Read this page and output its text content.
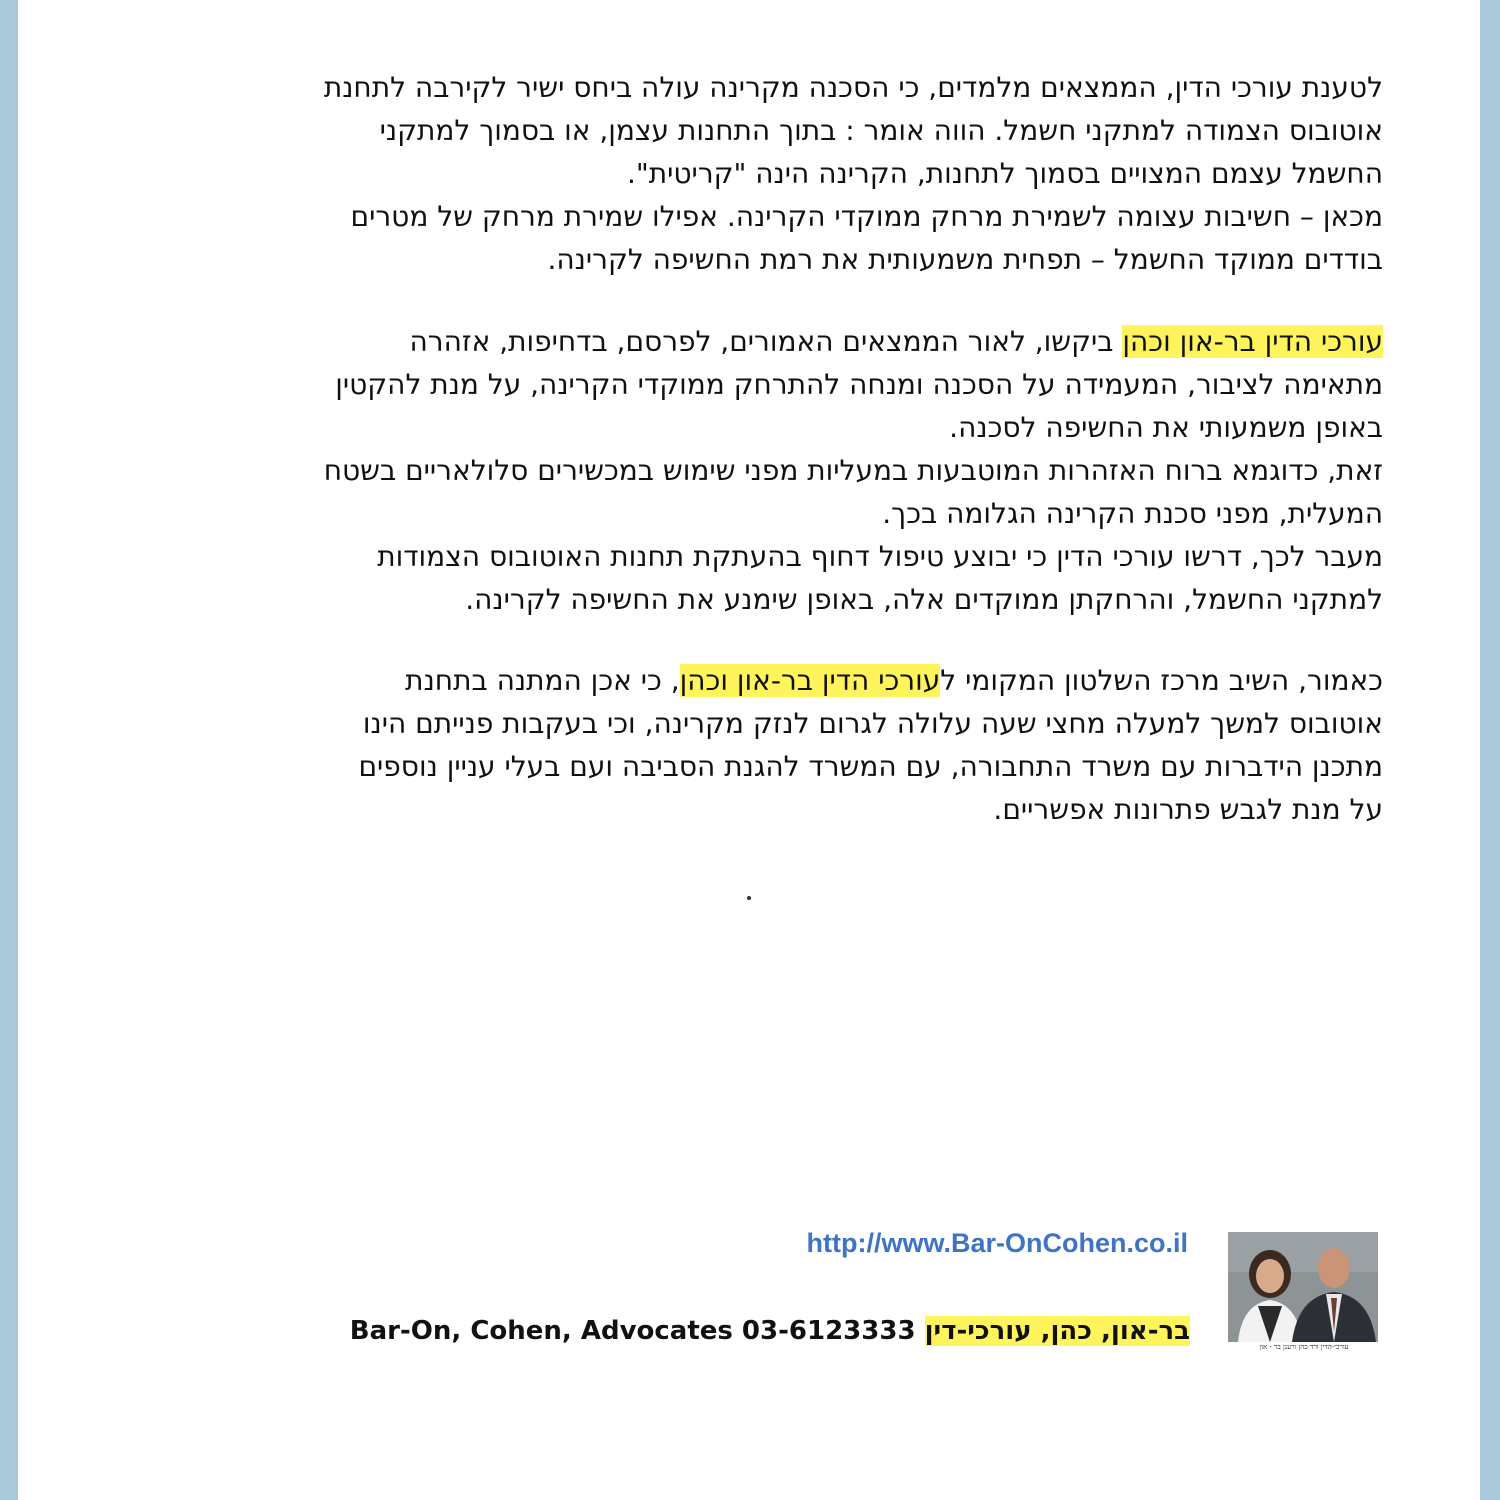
לטענת עורכי הדין, הממצאים מלמדים, כי הסכנה מקרינה עולה ביחס ישיר לקירבה לתחנת
אוטובוס הצמודה למתקני חשמל. הווה אומר : בתוך התחנות עצמן, או בסמוך למתקני
החשמל עצמם המצויים בסמוך לתחנות, הקרינה הינה "קריטית".
מכאן – חשיבות עצומה לשמירת מרחק ממוקדי הקרינה. אפילו שמירת מרחק של מטרים
בודדים ממוקד החשמל – תפחית משמעותית את רמת החשיפה לקרינה.
עורכי הדין בר-און וכהן ביקשו, לאור הממצאים האמורים, לפרסם, בדחיפות, אזהרה
מתאימה לציבור, המעמידה על הסכנה ומנחה להתרחק ממוקדי הקרינה, על מנת להקטין
באופן משמעותי את החשיפה לסכנה.
זאת, כדוגמא ברוח האזהרות המוטבעות במעליות מפני שימוש במכשירים סלולאריים בשטח
המעלית, מפני סכנת הקרינה הגלומה בכך.
מעבר לכך, דרשו עורכי הדין כי יבוצע טיפול דחוף בהעתקת תחנות האוטובוס הצמודות
למתקני החשמל, והרחקתן ממוקדים אלה, באופן שימנע את החשיפה לקרינה.
כאמור, השיב מרכז השלטון המקומי לעורכי הדין בר-און וכהן, כי אכן המתנה בתחנת
אוטובוס למשך למעלה מחצי שעה עלולה לגרום לנזק מקרינה, וכי בעקבות פנייתם הינו
מתכנן הידברות עם משרד התחבורה, עם המשרד להגנת הסביבה ועם בעלי עניין נוספים
על מנת לגבש פתרונות אפשריים.
http://www.Bar-OnCohen.co.il
Bar-On, Cohen, Advocates 03-6123333 בר-און, כהן, עורכי-דין
עורכי-הדין ורד כהן ורענן בר - און
